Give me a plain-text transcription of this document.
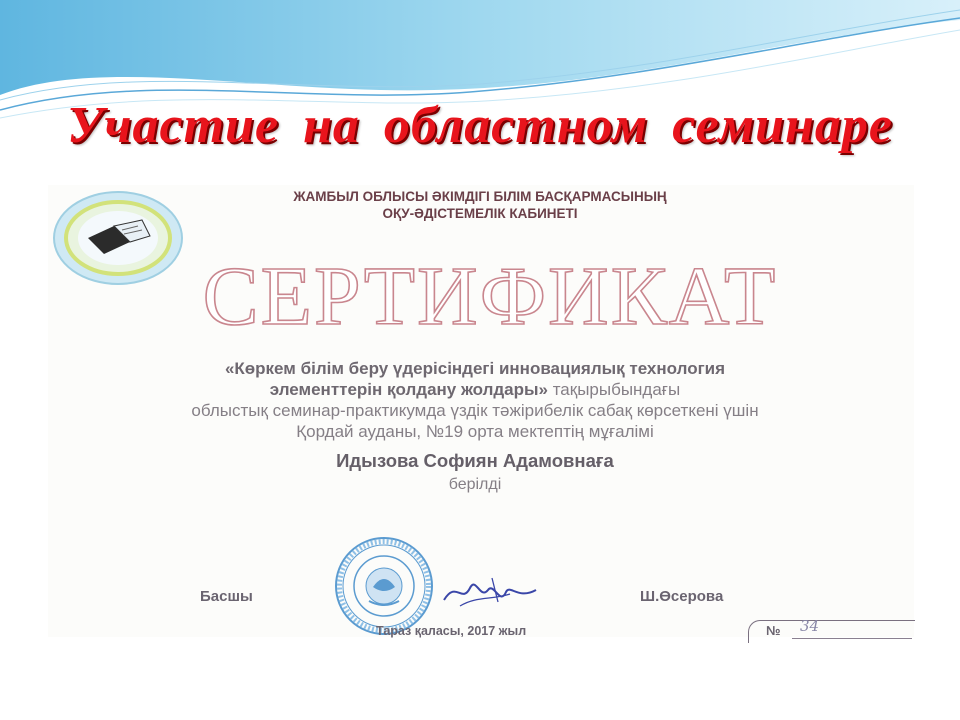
Участие на областном семинаре
ЖАМБЫЛ ОБЛЫСЫ ӘКІМДІГІ БІЛІМ БАСҚАРМАСЫНЫҢ
ОҚУ-ӘДІСТЕМЕЛІК КАБИНЕТІ
СЕРТИФИКАТ
«Көркем білім беру үдерісіндегі инновациялық технология
элементтерін қолдану жолдары» тақырыбындағы
облыстық семинар-практикумда үздік тәжірибелік сабақ көрсеткені үшін
Қордай ауданы, №19 орта мектептің мұғалімі
Идызова Софиян Адамовнаға
берілді
Басшы	Ш.Өсерова
Тараз қаласы, 2017 жыл	№ 34
